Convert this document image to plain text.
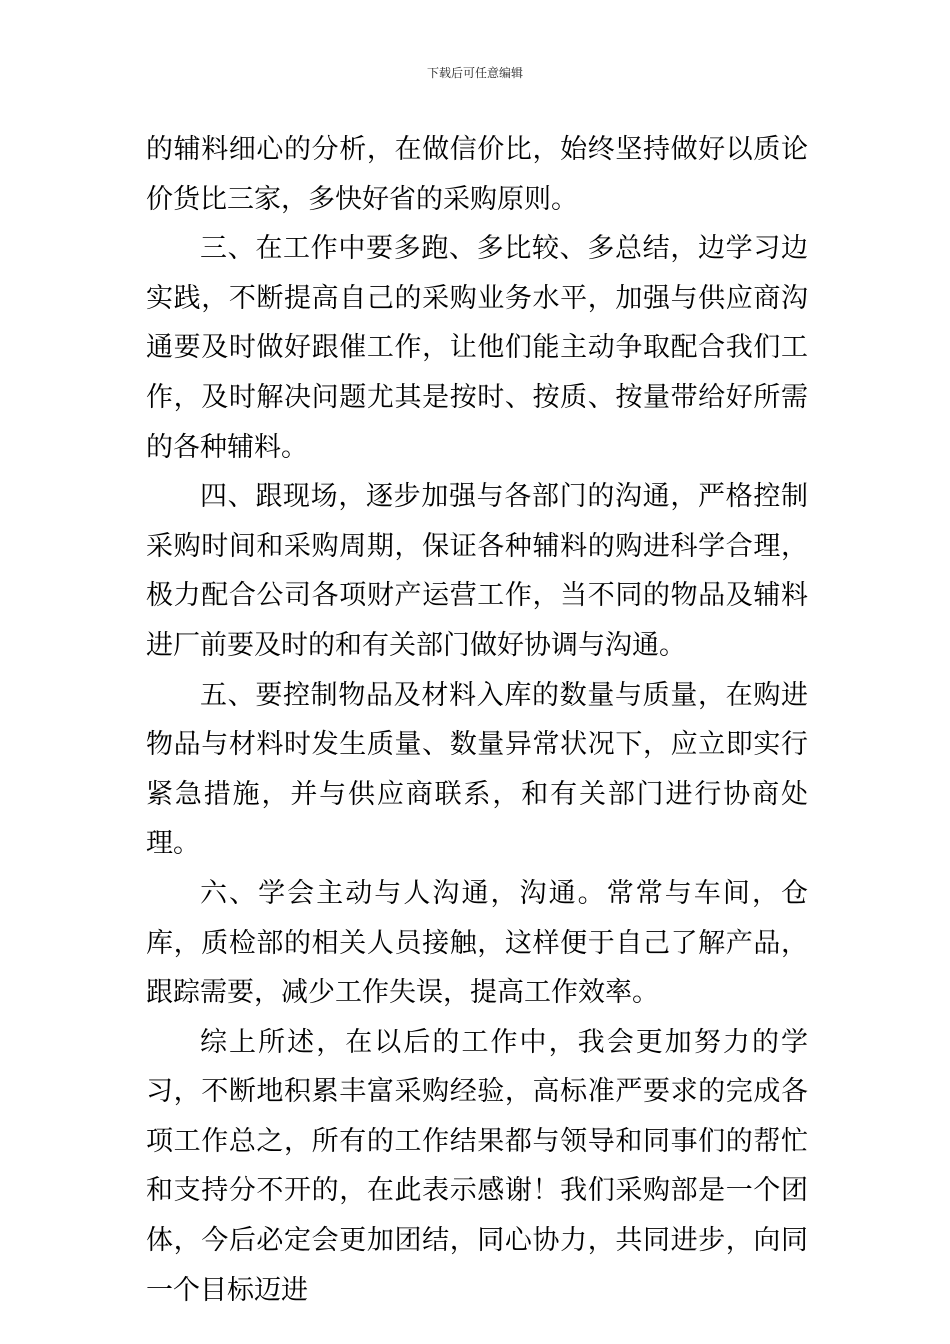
下载后可任意编辑

的辅料细心的分析，在做信价比，始终坚持做好以质论价货比三家，多快好省的采购原则。

三、在工作中要多跑、多比较、多总结，边学习边实践，不断提高自己的采购业务水平，加强与供应商沟通要及时做好跟催工作，让他们能主动争取配合我们工作，及时解决问题尤其是按时、按质、按量带给好所需的各种辅料。

四、跟现场，逐步加强与各部门的沟通，严格控制采购时间和采购周期，保证各种辅料的购进科学合理，极力配合公司各项财产运营工作，当不同的物品及辅料进厂前要及时的和有关部门做好协调与沟通。

五、要控制物品及材料入库的数量与质量，在购进物品与材料时发生质量、数量异常状况下，应立即实行紧急措施，并与供应商联系，和有关部门进行协商处理。

六、学会主动与人沟通，沟通。常常与车间，仓库，质检部的相关人员接触，这样便于自己了解产品，跟踪需要，减少工作失误，提高工作效率。

综上所述，在以后的工作中，我会更加努力的学习，不断地积累丰富采购经验，高标准严要求的完成各项工作总之，所有的工作结果都与领导和同事们的帮忙和支持分不开的，在此表示感谢！我们采购部是一个团体，今后必定会更加团结，同心协力，共同进步，向同一个目标迈进
